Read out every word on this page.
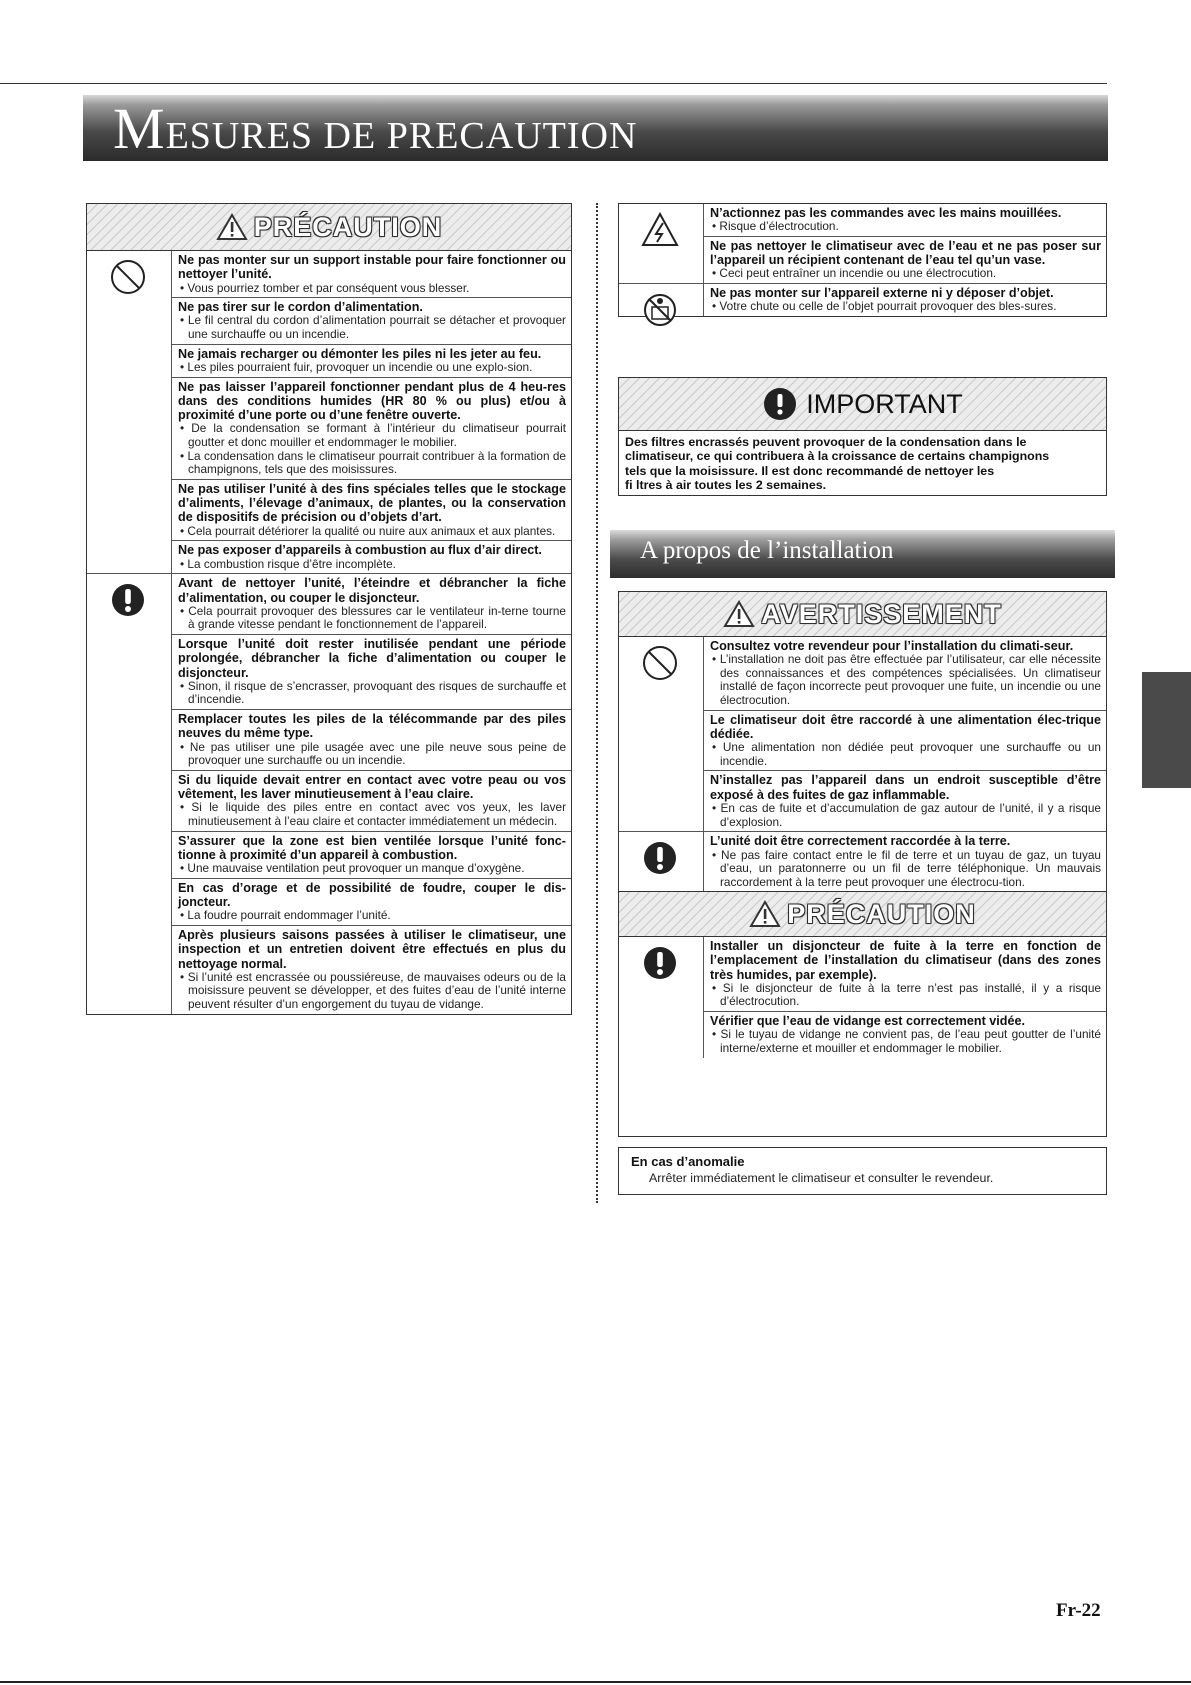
MESURES DE PRECAUTION
PRÉCAUTION
Ne pas monter sur un support instable pour faire fonctionner ou nettoyer l’unité.
• Vous pourriez tomber et par conséquent vous blesser.
Ne pas tirer sur le cordon d’alimentation.
• Le fil central du cordon d’alimentation pourrait se détacher et provoquer une surchauffe ou un incendie.
Ne jamais recharger ou démonter les piles ni les jeter au feu.
• Les piles pourraient fuir, provoquer un incendie ou une explo-sion.
Ne pas laisser l’appareil fonctionner pendant plus de 4 heu-res dans des conditions humides (HR 80 % ou plus) et/ou à proximité d’une porte ou d’une fenêtre ouverte.
• De la condensation se formant à l’intérieur du climatiseur pourrait goutter et donc mouiller et endommager le mobilier.
• La condensation dans le climatiseur pourrait contribuer à la formation de champignons, tels que des moisissures.
Ne pas utiliser l’unité à des fins spéciales telles que le stockage d’aliments, l’élevage d’animaux, de plantes, ou la conservation de dispositifs de précision ou d’objets d’art.
• Cela pourrait détériorer la qualité ou nuire aux animaux et aux plantes.
Ne pas exposer d’appareils à combustion au flux d’air direct.
• La combustion risque d’être incomplète.
Avant de nettoyer l’unité, l’éteindre et débrancher la fiche d’alimentation, ou couper le disjoncteur.
• Cela pourrait provoquer des blessures car le ventilateur in-terne tourne à grande vitesse pendant le fonctionnement de l’appareil.
Lorsque l’unité doit rester inutilisée pendant une période prolongée, débrancher la fiche d’alimentation ou couper le disjoncteur.
• Sinon, il risque de s’encrasser, provoquant des risques de surchauffe et d’incendie.
Remplacer toutes les piles de la télécommande par des piles neuves du même type.
• Ne pas utiliser une pile usagée avec une pile neuve sous peine de provoquer une surchauffe ou un incendie.
Si du liquide devait entrer en contact avec votre peau ou vos vêtement, les laver minutieusement à l’eau claire.
• Si le liquide des piles entre en contact avec vos yeux, les laver minutieusement à l’eau claire et contacter immédiatement un médecin.
S’assurer que la zone est bien ventilée lorsque l’unité fonc-tionne à proximité d’un appareil à combustion.
• Une mauvaise ventilation peut provoquer un manque d’oxygène.
En cas d’orage et de possibilité de foudre, couper le dis-joncteur.
• La foudre pourrait endommager l’unité.
Après plusieurs saisons passées à utiliser le climatiseur, une inspection et un entretien doivent être effectués en plus du nettoyage normal.
• Si l’unité est encrassée ou poussiéreuse, de mauvaises odeurs ou de la moisissure peuvent se développer, et des fuites d’eau de l’unité interne peuvent résulter d’un engorgement du tuyau de vidange.
N’actionnez pas les commandes avec les mains mouillées.
• Risque d’électrocution.
Ne pas nettoyer le climatiseur avec de l’eau et ne pas poser sur l’appareil un récipient contenant de l’eau tel qu’un vase.
• Ceci peut entraîner un incendie ou une électrocution.
Ne pas monter sur l’appareil externe ni y déposer d’objet.
• Votre chute ou celle de l’objet pourrait provoquer des bles-sures.
IMPORTANT
Des filtres encrassés peuvent provoquer de la condensation dans le
climatiseur, ce qui contribuera à la croissance de certains champignons
tels que la moisissure. Il est donc recommandé de nettoyer les
fi ltres à air toutes les 2 semaines.
A propos de l’installation
AVERTISSEMENT
Consultez votre revendeur pour l’installation du climati-seur.
• L’installation ne doit pas être effectuée par l’utilisateur, car elle nécessite des connaissances et des compétences spécialisées. Un climatiseur installé de façon incorrecte peut provoquer une fuite, un incendie ou une électrocution.
Le climatiseur doit être raccordé à une alimentation élec-trique dédiée.
• Une alimentation non dédiée peut provoquer une surchauffe ou un incendie.
N’installez pas l’appareil dans un endroit susceptible d’être exposé à des fuites de gaz inflammable.
• En cas de fuite et d’accumulation de gaz autour de l’unité, il y a risque d’explosion.
L’unité doit être correctement raccordée à la terre.
• Ne pas faire contact entre le fil de terre et un tuyau de gaz, un tuyau d’eau, un paratonnerre ou un fil de terre téléphonique. Un mauvais raccordement à la terre peut provoquer une électrocu-tion.
PRÉCAUTION
Installer un disjoncteur de fuite à la terre en fonction de l’emplacement de l’installation du climatiseur (dans des zones très humides, par exemple).
• Si le disjoncteur de fuite à la terre n’est pas installé, il y a risque d’électrocution.
Vérifier que l’eau de vidange est correctement vidée.
• Si le tuyau de vidange ne convient pas, de l’eau peut goutter de l’unité interne/externe et mouiller et endommager le mobilier.
En cas d’anomalie
Arrêter immédiatement le climatiseur et consulter le revendeur.
Fr-22
